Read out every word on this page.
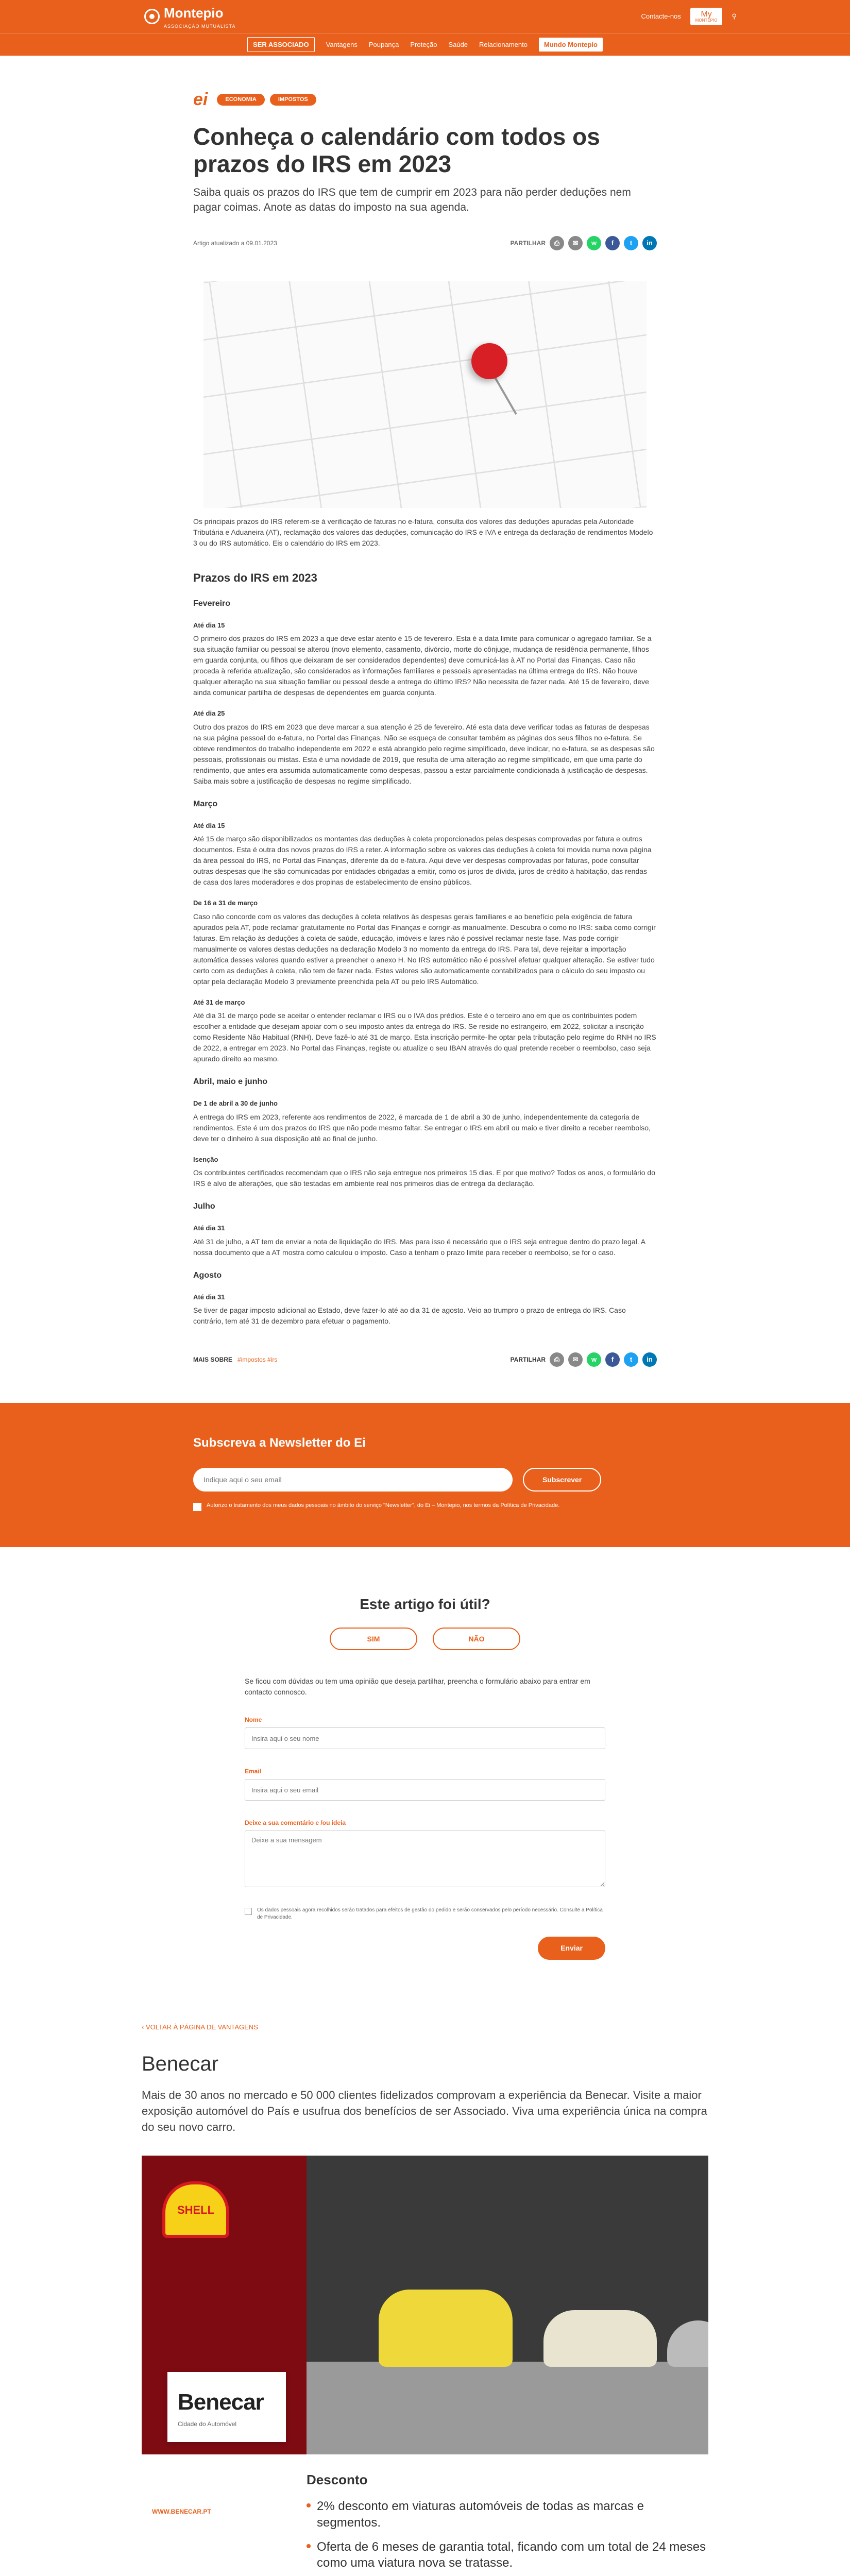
Montepio
ASSOCIAÇÃO MUTUALISTA
Contacte-nos	My
MONTEPIO
⚲
SER ASSOCIADO	Vantagens Poupança Proteção Saúde Relacionamento	Mundo Montepio
ei	ECONOMIA	IMPOSTOS
Conheça o calendário com todos os prazos do IRS em 2023

Saiba quais os prazos do IRS que tem de cumprir em 2023 para não perder deduções nem pagar coimas. Anote as datas do imposto na sua agenda.

Artigo atualizado a 09.01.2023	PARTILHAR	⎙	✉	w	f	t	in

Os principais prazos do IRS referem-se à verificação de faturas no e-fatura, consulta dos valores das deduções apuradas pela Autoridade Tributária e Aduaneira (AT), reclamação dos valores das deduções, comunicação do IRS e IVA e entrega da declaração de rendimentos Modelo 3 ou do IRS automático. Eis o calendário do IRS em 2023.

Prazos do IRS em 2023
Fevereiro
Até dia 15

O primeiro dos prazos do IRS em 2023 a que deve estar atento é 15 de fevereiro. Esta é a data limite para comunicar o agregado familiar. Se a sua situação familiar ou pessoal se alterou (novo elemento, casamento, divórcio, morte do cônjuge, mudança de residência permanente, filhos em guarda conjunta, ou filhos que deixaram de ser considerados dependentes) deve comunicá-las à AT no Portal das Finanças. Caso não proceda à referida atualização, são considerados as informações familiares e pessoais apresentadas na última entrega do IRS. Não houve qualquer alteração na sua situação familiar ou pessoal desde a entrega do último IRS? Não necessita de fazer nada. Até 15 de fevereiro, deve ainda comunicar partilha de despesas de dependentes em guarda conjunta.

Até dia 25

Outro dos prazos do IRS em 2023 que deve marcar a sua atenção é 25 de fevereiro. Até esta data deve verificar todas as faturas de despesas na sua página pessoal do e-fatura, no Portal das Finanças. Não se esqueça de consultar também as páginas dos seus filhos no e-fatura. Se obteve rendimentos do trabalho independente em 2022 e está abrangido pelo regime simplificado, deve indicar, no e-fatura, se as despesas são pessoais, profissionais ou mistas. Esta é uma novidade de 2019, que resulta de uma alteração ao regime simplificado, em que uma parte do rendimento, que antes era assumida automaticamente como despesas, passou a estar parcialmente condicionada à justificação de despesas. Saiba mais sobre a justificação de despesas no regime simplificado.

Março
Até dia 15

Até 15 de março são disponibilizados os montantes das deduções à coleta proporcionados pelas despesas comprovadas por fatura e outros documentos. Esta é outra dos novos prazos do IRS a reter. A informação sobre os valores das deduções à coleta foi movida numa nova página da área pessoal do IRS, no Portal das Finanças, diferente da do e-fatura. Aqui deve ver despesas comprovadas por faturas, pode consultar outras despesas que lhe são comunicadas por entidades obrigadas a emitir, como os juros de dívida, juros de crédito à habitação, das rendas de casa dos lares moderadores e dos propinas de estabelecimento de ensino públicos.

De 16 a 31 de março

Caso não concorde com os valores das deduções à coleta relativos às despesas gerais familiares e ao benefício pela exigência de fatura apurados pela AT, pode reclamar gratuitamente no Portal das Finanças e corrigir-as manualmente. Descubra o como no IRS: saiba como corrigir faturas. Em relação às deduções à coleta de saúde, educação, imóveis e lares não é possível reclamar neste fase. Mas pode corrigir manualmente os valores destas deduções na declaração Modelo 3 no momento da entrega do IRS. Para tal, deve rejeitar a importação automática desses valores quando estiver a preencher o anexo H. No IRS automático não é possível efetuar qualquer alteração. Se estiver tudo certo com as deduções à coleta, não tem de fazer nada. Estes valores são automaticamente contabilizados para o cálculo do seu imposto ou optar pela declaração Modelo 3 previamente preenchida pela AT ou pelo IRS Automático.

Até 31 de março

Até dia 31 de março pode se aceitar o entender reclamar o IRS ou o IVA dos prédios. Este é o terceiro ano em que os contribuintes podem escolher a entidade que desejam apoiar com o seu imposto antes da entrega do IRS. Se reside no estrangeiro, em 2022, solicitar a inscrição como Residente Não Habitual (RNH). Deve fazê-lo até 31 de março. Esta inscrição permite-lhe optar pela tributação pelo regime do RNH no IRS de 2022, a entregar em 2023. No Portal das Finanças, registe ou atualize o seu IBAN através do qual pretende receber o reembolso, caso seja apurado direito ao mesmo.

Abril, maio e junho
De 1 de abril a 30 de junho

A entrega do IRS em 2023, referente aos rendimentos de 2022, é marcada de 1 de abril a 30 de junho, independentemente da categoria de rendimentos. Este é um dos prazos do IRS que não pode mesmo faltar. Se entregar o IRS em abril ou maio e tiver direito a receber reembolso, deve ter o dinheiro à sua disposição até ao final de junho.

Isenção

Os contribuintes certificados recomendam que o IRS não seja entregue nos primeiros 15 dias. E por que motivo? Todos os anos, o formulário do IRS é alvo de alterações, que são testadas em ambiente real nos primeiros dias de entrega da declaração.

Julho
Até dia 31

Até 31 de julho, a AT tem de enviar a nota de liquidação do IRS. Mas para isso é necessário que o IRS seja entregue dentro do prazo legal. A nossa documento que a AT mostra como calculou o imposto. Caso a tenham o prazo limite para receber o reembolso, se for o caso.

Agosto
Até dia 31

Se tiver de pagar imposto adicional ao Estado, deve fazer-lo até ao dia 31 de agosto. Veio ao trumpro o prazo de entrega do IRS. Caso contrário, tem até 31 de dezembro para efetuar o pagamento.

MAIS SOBRE #impostos #irs	PARTILHAR	⎙	✉	w	f	t	in
Subscreva a Newsletter do Ei
Indique aqui o seu email
Subscrever
Autorizo o tratamento dos meus dados pessoais no âmbito do serviço "Newsletter", do Ei – Montepio, nos termos da Política de Privacidade.
Este artigo foi útil?
SIM	NÃO

Se ficou com dúvidas ou tem uma opinião que deseja partilhar, preencha o formulário abaixo para entrar em contacto connosco.

Nome
Insira aqui o seu nome
Email
Insira aqui o seu email
Deixe a sua comentário e /ou ideia
Deixe a sua mensagem
Os dados pessoais agora recolhidos serão tratados para efeitos de gestão do pedido e serão conservados pelo período necessário. Consulte a Política de Privacidade.
Enviar
‹ VOLTAR À PÁGINA DE VANTAGENS
Benecar

Mais de 30 anos no mercado e 50 000 clientes fidelizados comprovam a experiência da Benecar. Visite a maior exposição automóvel do País e usufrua dos benefícios de ser Associado. Viva uma experiência única na compra do seu novo carro.

SHELL
Benecar
Cidade do Automóvel
WWW.BENECAR.PT
Desconto
2% desconto em viaturas automóveis de todas as marcas e segmentos.
Oferta de 6 meses de garantia total, ficando com um total de 24 meses como uma viatura nova se tratasse.
